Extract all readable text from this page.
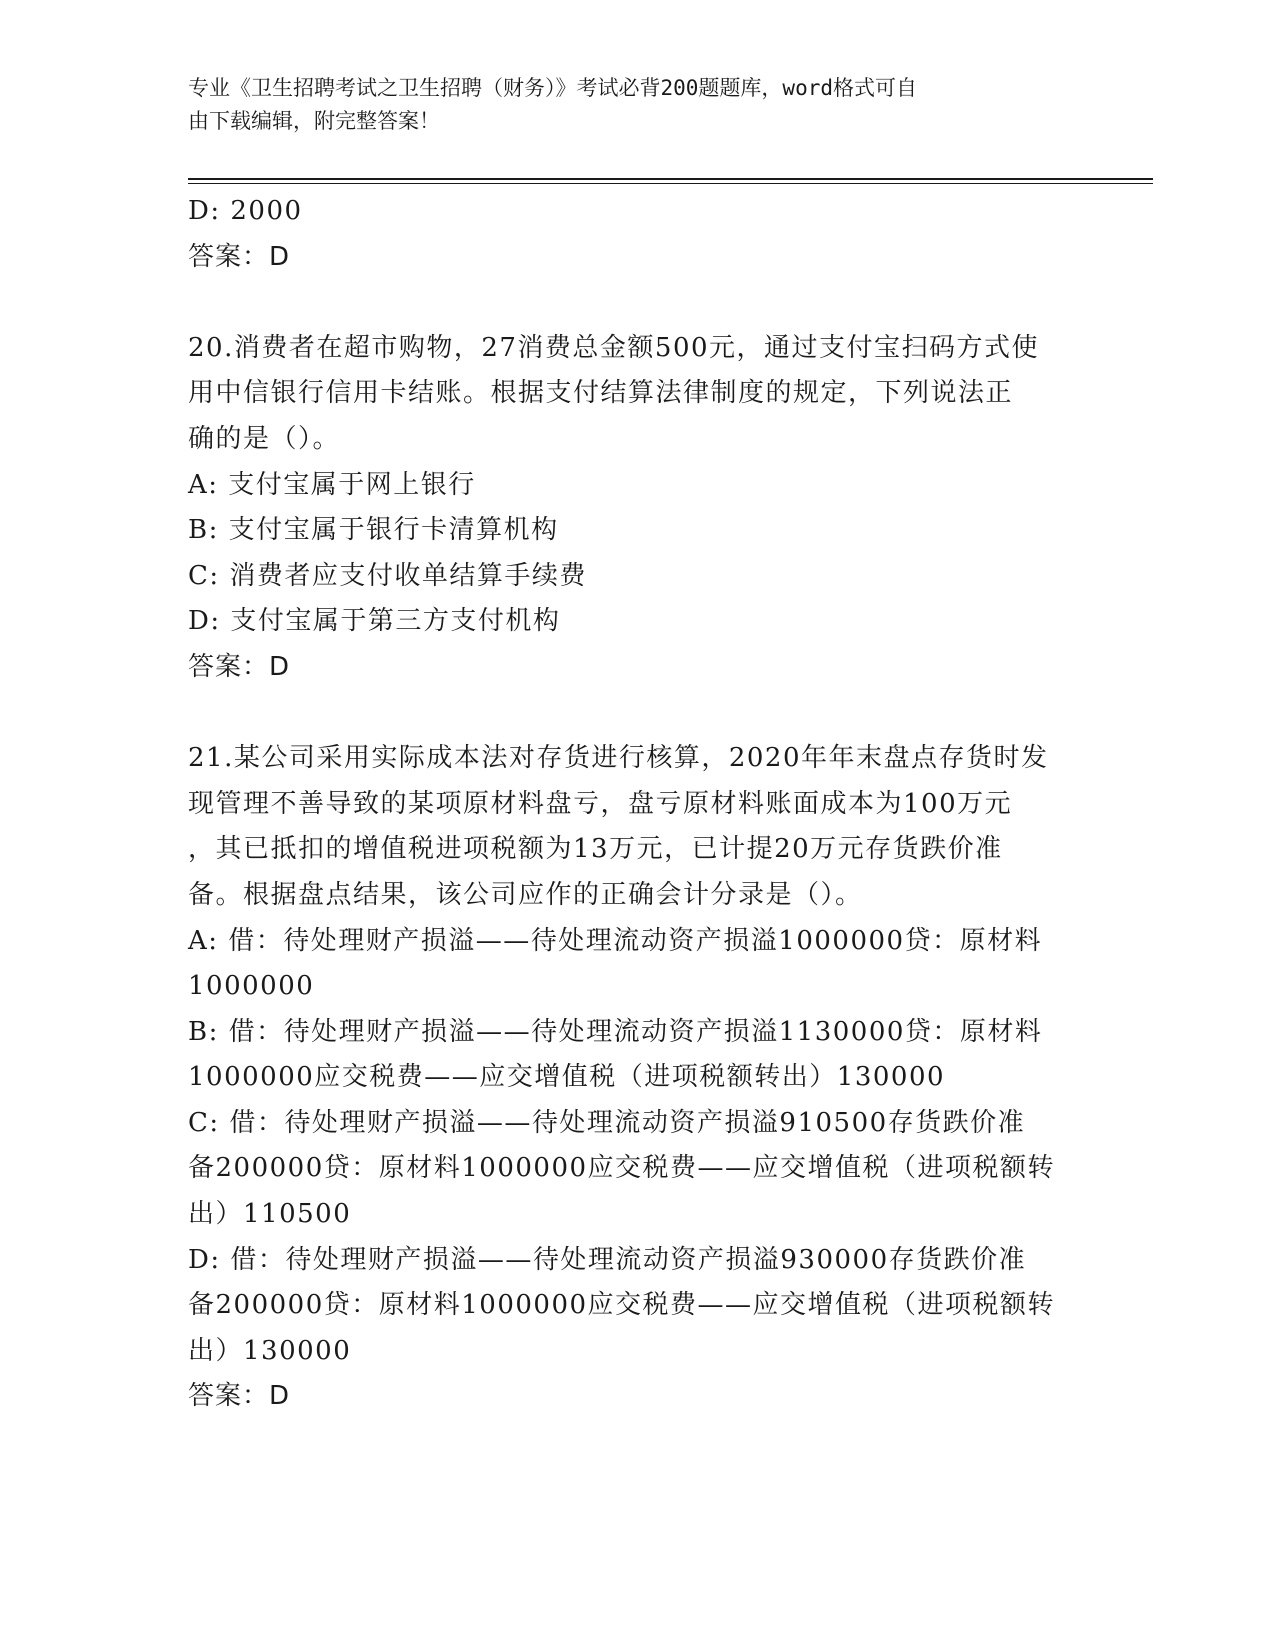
专业《卫生招聘考试之卫生招聘（财务）》考试必背200题题库，word格式可自
由下载编辑，附完整答案！
D: 2000
答案：D
20.消费者在超市购物，27消费总金额500元，通过支付宝扫码方式使
用中信银行信用卡结账。根据支付结算法律制度的规定，下列说法正
确的是（）。
A: 支付宝属于网上银行
B: 支付宝属于银行卡清算机构
C: 消费者应支付收单结算手续费
D: 支付宝属于第三方支付机构
答案：D
21.某公司采用实际成本法对存货进行核算，2020年年末盘点存货时发
现管理不善导致的某项原材料盘亏，盘亏原材料账面成本为100万元
，其已抵扣的增值税进项税额为13万元，已计提20万元存货跌价准
备。根据盘点结果，该公司应作的正确会计分录是（）。
A: 借：待处理财产损溢——待处理流动资产损溢1000000贷：原材料
1000000
B: 借：待处理财产损溢——待处理流动资产损溢1130000贷：原材料
1000000应交税费——应交增值税（进项税额转出）130000
C: 借：待处理财产损溢——待处理流动资产损溢910500存货跌价准
备200000贷：原材料1000000应交税费——应交增值税（进项税额转
出）110500
D: 借：待处理财产损溢——待处理流动资产损溢930000存货跌价准
备200000贷：原材料1000000应交税费——应交增值税（进项税额转
出）130000
答案：D
